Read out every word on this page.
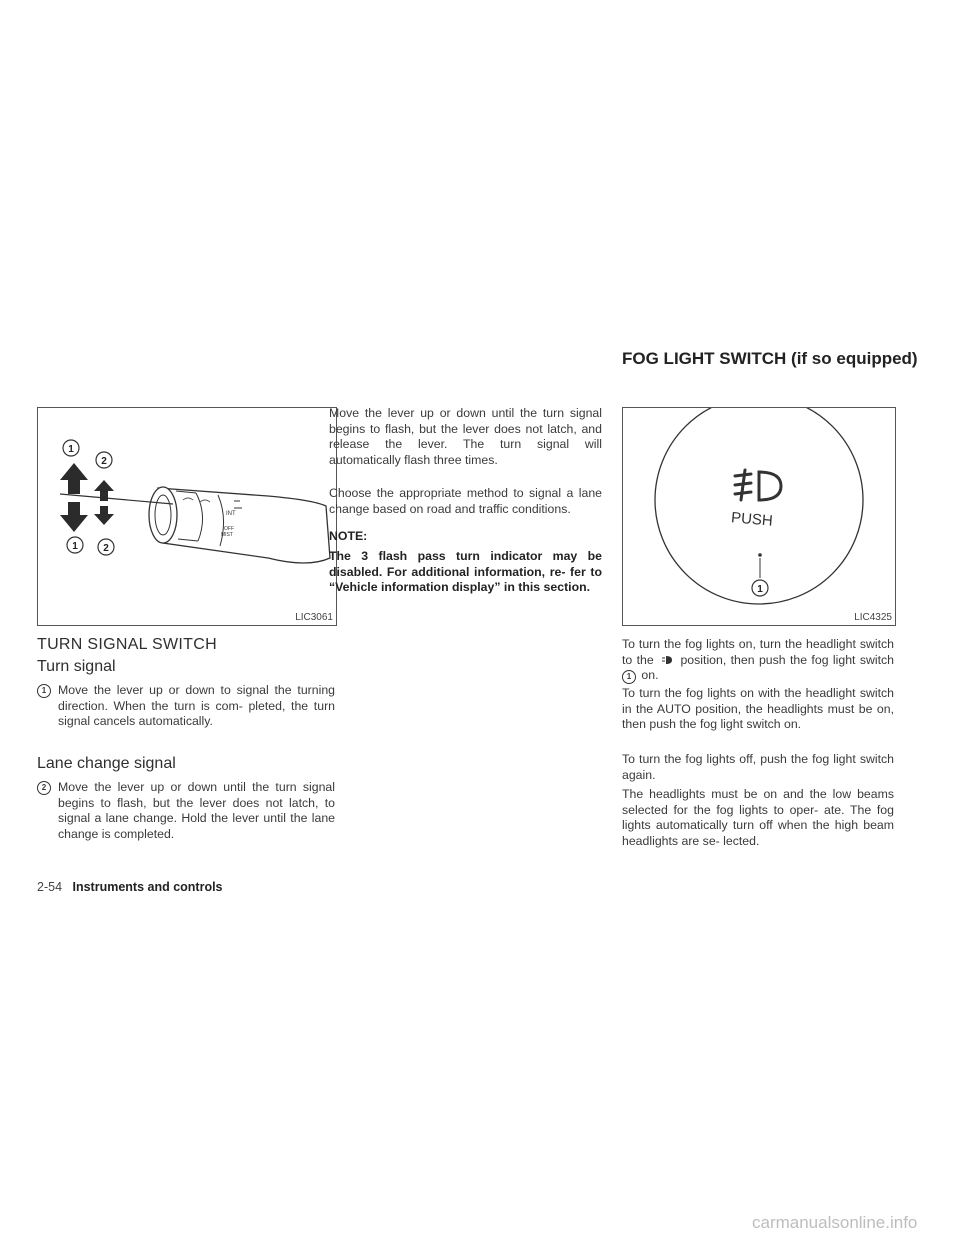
FOG LIGHT SWITCH (if so equipped)
INT
OFF
MIST
1
2
1	2
LIC3061
PUSH
1
LIC4325
TURN SIGNAL SWITCH
Turn signal
1 Move the lever up or down to signal the turning direction. When the turn is com- pleted, the turn signal cancels automatically.
Lane change signal
2 Move the lever up or down until the turn signal begins to flash, but the lever does not latch, to signal a lane change. Hold the lever until the lane change is completed.
Move the lever up or down until the turn signal begins to flash, but the lever does not latch, and release the lever. The turn signal will automatically flash three times.
Choose the appropriate method to signal a lane change based on road and traffic conditions.
NOTE:
The 3 flash pass turn indicator may be disabled. For additional information, re- fer to “Vehicle information display” in this section.
To turn the fog lights on, turn the headlight switch to the position, then push the fog light switch 1 on.
To turn the fog lights on with the headlight switch in the AUTO position, the headlights must be on, then push the fog light switch on.
To turn the fog lights off, push the fog light switch again.
The headlights must be on and the low beams selected for the fog lights to oper- ate. The fog lights automatically turn off when the high beam headlights are se- lected.
2-54 Instruments and controls
carmanualsonline.info
